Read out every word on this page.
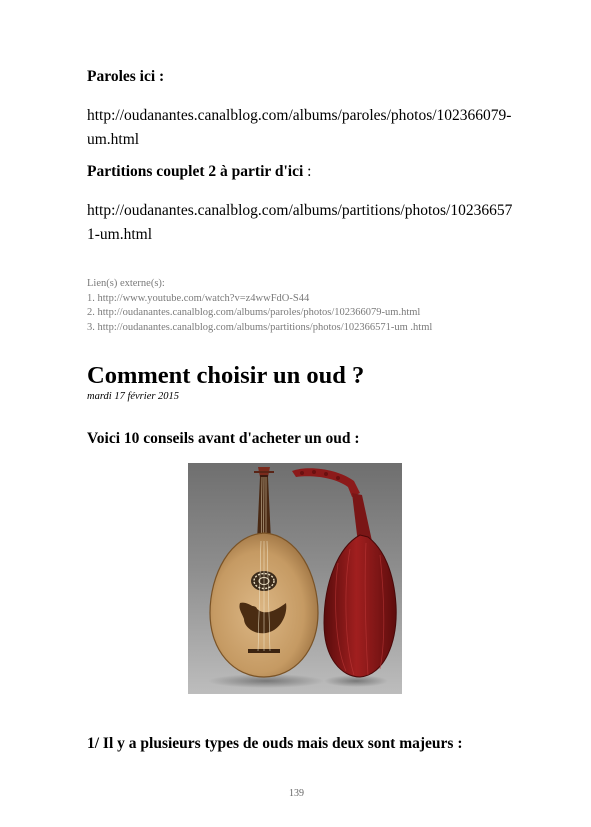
Paroles ici :
http://oudanantes.canalblog.com/albums/paroles/photos/102366079-um.html
Partitions couplet 2 à partir d'ici :
http://oudanantes.canalblog.com/albums/partitions/photos/102366571-um.html
Lien(s) externe(s):
1. http://www.youtube.com/watch?v=z4wwFdO-S44
2. http://oudanantes.canalblog.com/albums/paroles/photos/102366079-um.html
3. http://oudanantes.canalblog.com/albums/partitions/photos/102366571-um .html
Comment choisir un oud ?
mardi 17 février 2015
Voici 10 conseils avant d'acheter un oud :
1/ Il y a plusieurs types de ouds mais deux sont majeurs :
139
